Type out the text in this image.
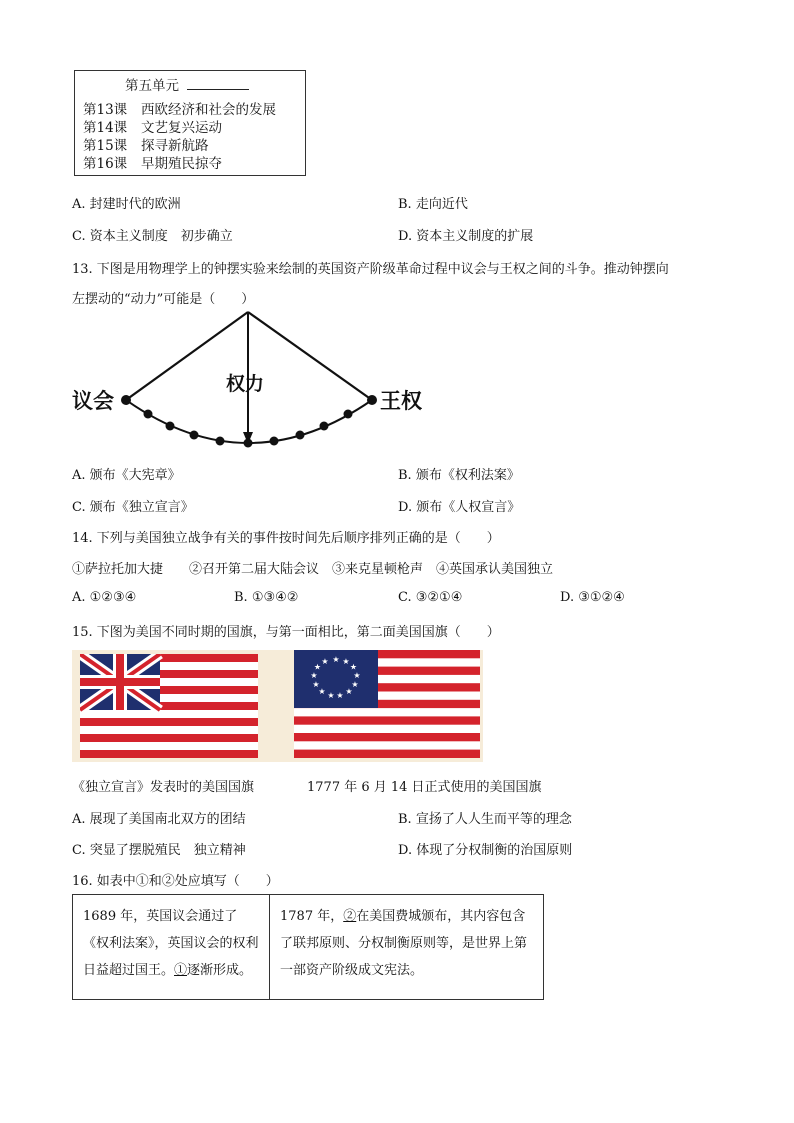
第五单元
第13课 西欧经济和社会的发展
第14课 文艺复兴运动
第15课 探寻新航路
第16课 早期殖民掠夺
A. 封建时代的欧洲	B. 走向近代
C. 资本主义制度　初步确立	D. 资本主义制度的扩展
13. 下图是用物理学上的钟摆实验来绘制的英国资产阶级革命过程中议会与王权之间的斗争。推动钟摆向
左摆动的“动力”可能是（　　）
议会	王权
权力
A. 颁布《大宪章》	B. 颁布《权利法案》
C. 颁布《独立宣言》	D. 颁布《人权宣言》
14. 下列与美国独立战争有关的事件按时间先后顺序排列正确的是（　　）
①萨拉托加大捷　　②召开第二届大陆会议　③来克星顿枪声　④英国承认美国独立
A. ①②③④	B. ①③④②	C. ③②①④	D. ③①②④
15. 下图为美国不同时期的国旗，与第一面相比，第二面美国国旗（　　）
★ ★
★
★
★
★
★
★
★
★
★
★
★
《独立宣言》发表时的美国国旗	1777 年 6 月 14 日正式使用的美国国旗
A. 展现了美国南北双方的团结	B. 宣扬了人人生而平等的理念
C. 突显了摆脱殖民　独立精神	D. 体现了分权制衡的治国原则
16. 如表中①和②处应填写（　　）
1689 年，英国议会通过了《权利法案》，英国议会的权利日益超过国王。①逐渐形成。	1787 年，②在美国费城颁布，其内容包含了联邦原则、分权制衡原则等，是世界上第一部资产阶级成文宪法。
